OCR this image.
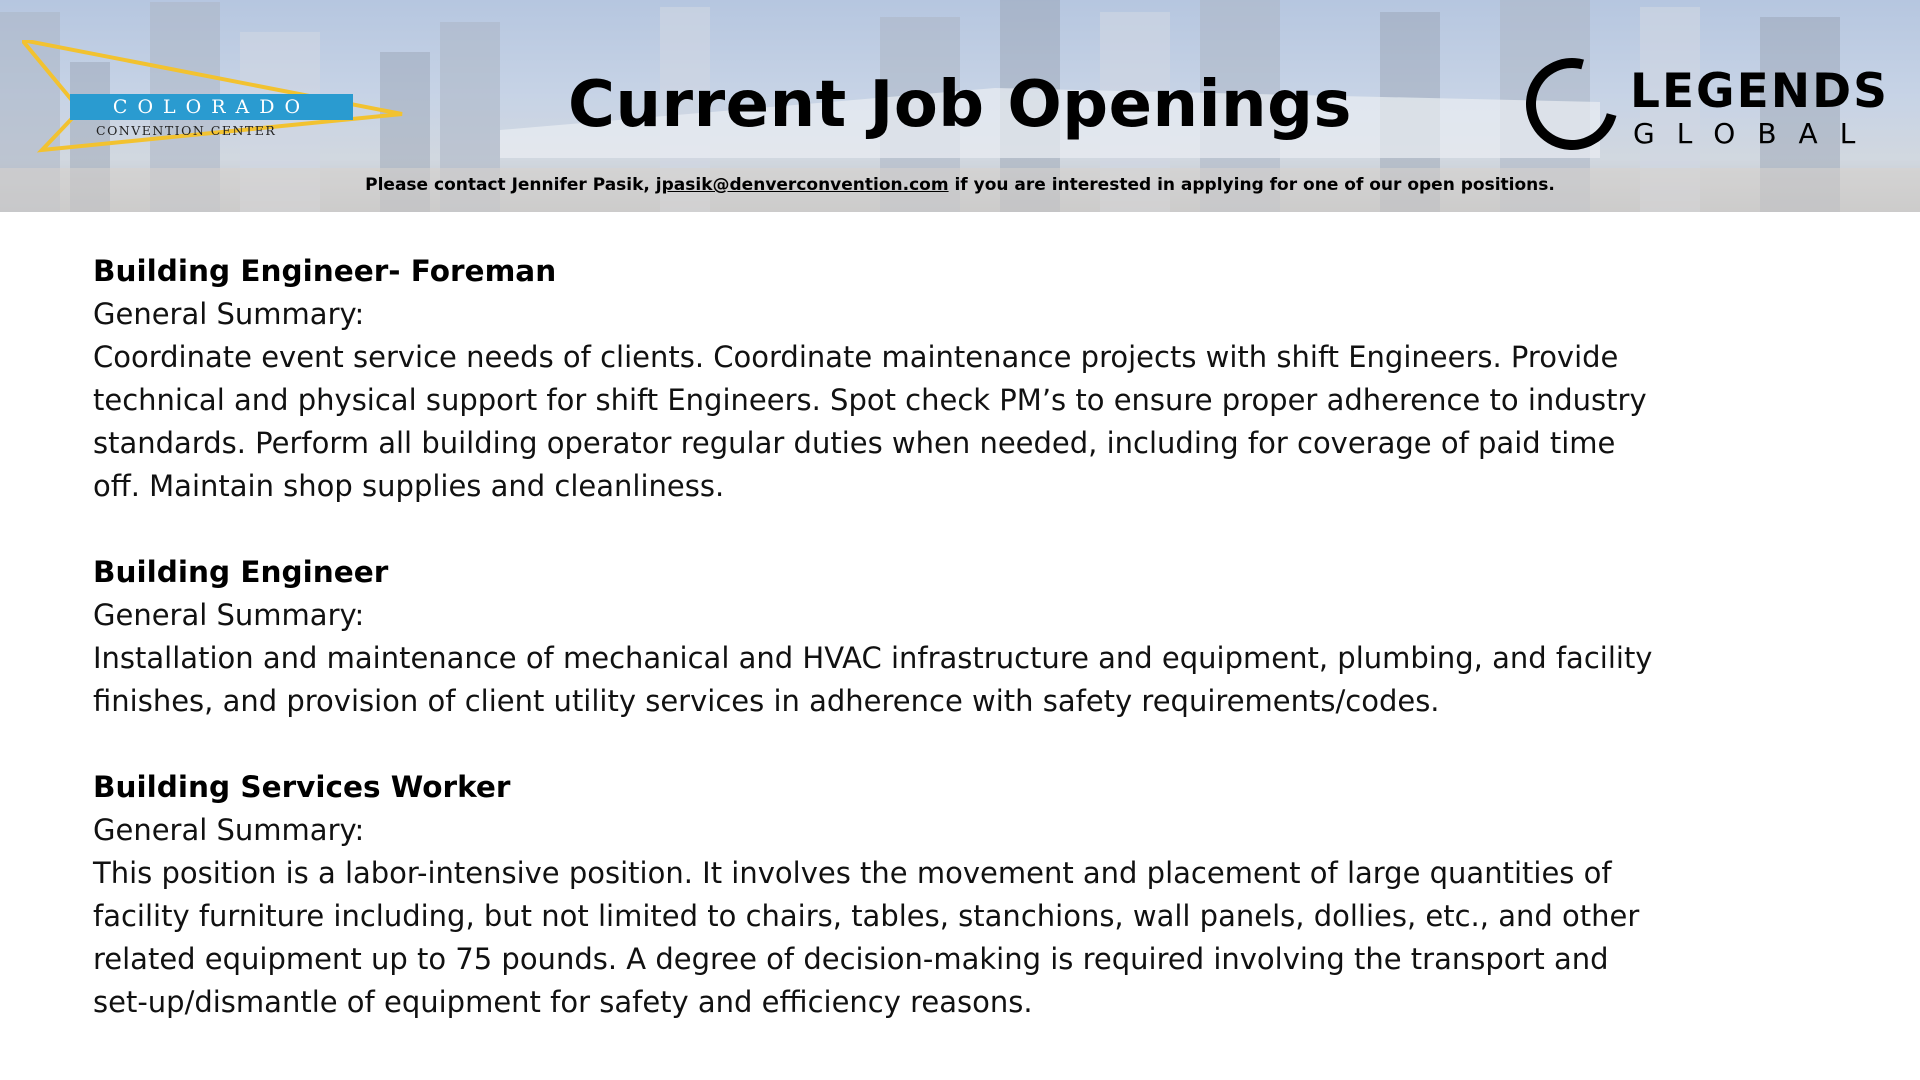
COLORADO
CONVENTION CENTER	Current Job Openings
Please contact Jennifer Pasik, jpasik@denverconvention.com if you are interested in applying for one of our open positions.
LEGENDS
GLOBAL
Building Engineer- Foreman
General Summary:
Coordinate event service needs of clients. Coordinate maintenance projects with shift Engineers. Provide
technical and physical support for shift Engineers. Spot check PM’s to ensure proper adherence to industry
standards. Perform all building operator regular duties when needed, including for coverage of paid time
off. Maintain shop supplies and cleanliness.
Building Engineer
General Summary:
Installation and maintenance of mechanical and HVAC infrastructure and equipment, plumbing, and facility
finishes, and provision of client utility services in adherence with safety requirements/codes.
Building Services Worker
General Summary:
This position is a labor-intensive position. It involves the movement and placement of large quantities of
facility furniture including, but not limited to chairs, tables, stanchions, wall panels, dollies, etc., and other
related equipment up to 75 pounds. A degree of decision-making is required involving the transport and
set-up/dismantle of equipment for safety and efficiency reasons.
